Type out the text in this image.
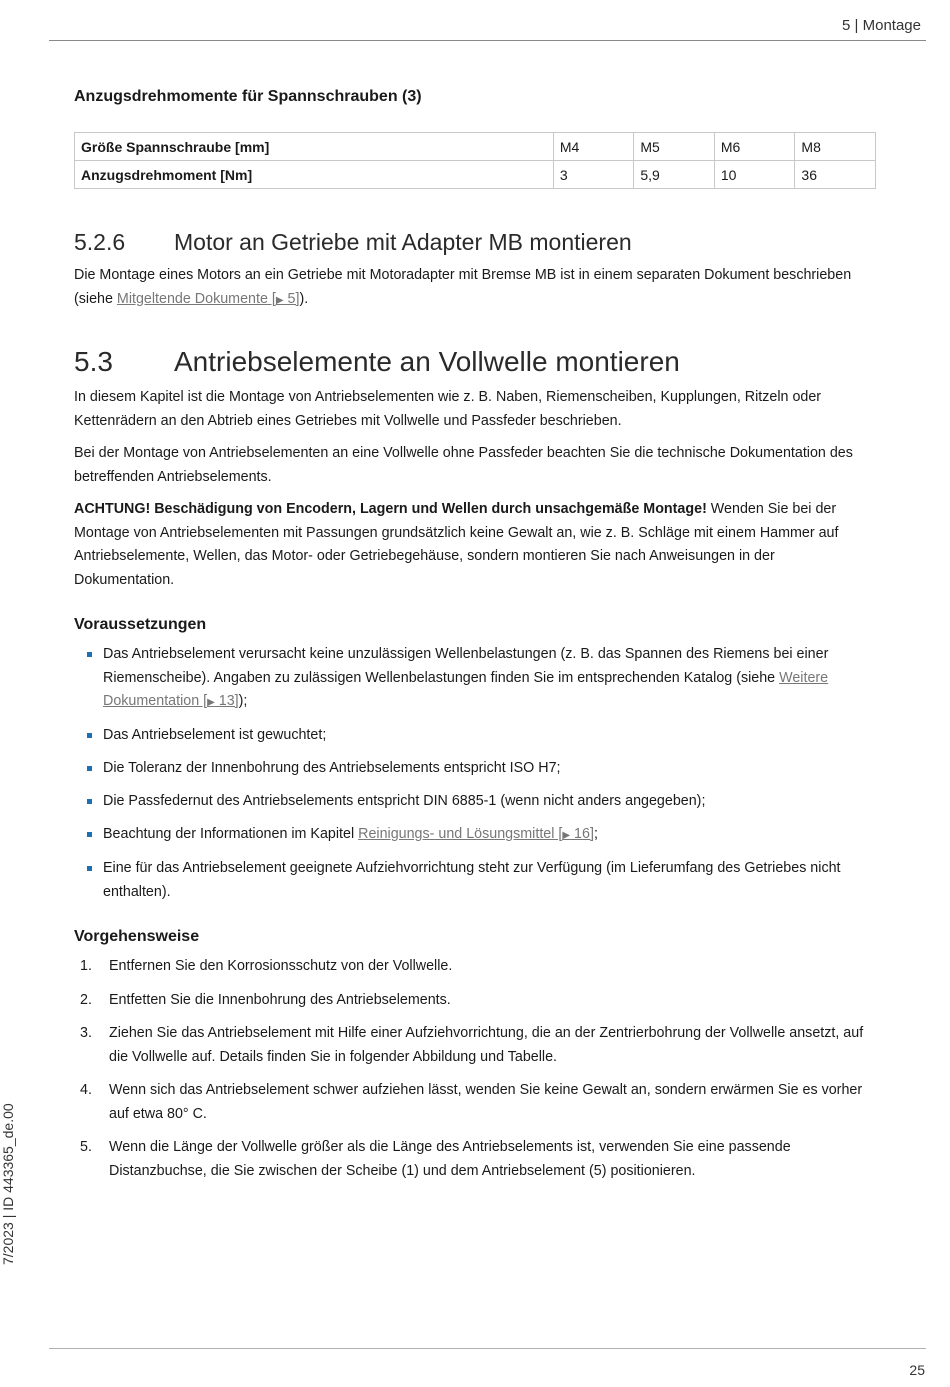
5 | Montage
7/2023 | ID 443365_de.00
Anzugsdrehmomente für Spannschrauben (3)
Größe Spannschraube [mm]	M4	M5	M6	M8
Anzugsdrehmoment [Nm]	3	5,9	10	36
5.2.6	Motor an Getriebe mit Adapter MB montieren

Die Montage eines Motors an ein Getriebe mit Motoradapter mit Bremse MB ist in einem separaten Dokument beschrieben (siehe Mitgeltende Dokumente [▶ 5]).

5.3	Antriebselemente an Vollwelle montieren

In diesem Kapitel ist die Montage von Antriebselementen wie z. B. Naben, Riemenscheiben, Kupplungen, Ritzeln oder Kettenrädern an den Abtrieb eines Getriebes mit Vollwelle und Passfeder beschrieben.

Bei der Montage von Antriebselementen an eine Vollwelle ohne Passfeder beachten Sie die technische Dokumentation des betreffenden Antriebselements.

ACHTUNG! Beschädigung von Encodern, Lagern und Wellen durch unsachgemäße Montage! Wenden Sie bei der Montage von Antriebselementen mit Passungen grundsätzlich keine Gewalt an, wie z. B. Schläge mit einem Hammer auf Antriebselemente, Wellen, das Motor- oder Getriebegehäuse, sondern montieren Sie nach Anweisungen in der Dokumentation.

Voraussetzungen
Das Antriebselement verursacht keine unzulässigen Wellenbelastungen (z. B. das Spannen des Riemens bei einer Riemenscheibe). Angaben zu zulässigen Wellenbelastungen finden Sie im entsprechenden Katalog (siehe Weitere Dokumentation [▶ 13]);
Das Antriebselement ist gewuchtet;
Die Toleranz der Innenbohrung des Antriebselements entspricht ISO H7;
Die Passfedernut des Antriebselements entspricht DIN 6885-1 (wenn nicht anders angegeben);
Beachtung der Informationen im Kapitel Reinigungs- und Lösungsmittel [▶ 16];
Eine für das Antriebselement geeignete Aufziehvorrichtung steht zur Verfügung (im Lieferumfang des Getriebes nicht enthalten).
Vorgehensweise
1. Entfernen Sie den Korrosionsschutz von der Vollwelle.
2. Entfetten Sie die Innenbohrung des Antriebselements.
3. Ziehen Sie das Antriebselement mit Hilfe einer Aufziehvorrichtung, die an der Zentrierbohrung der Vollwelle ansetzt, auf die Vollwelle auf. Details finden Sie in folgender Abbildung und Tabelle.
4. Wenn sich das Antriebselement schwer aufziehen lässt, wenden Sie keine Gewalt an, sondern erwärmen Sie es vorher auf etwa 80° C.
5. Wenn die Länge der Vollwelle größer als die Länge des Antriebselements ist, verwenden Sie eine passende Distanzbuchse, die Sie zwischen der Scheibe (1) und dem Antriebselement (5) positionieren.
25
